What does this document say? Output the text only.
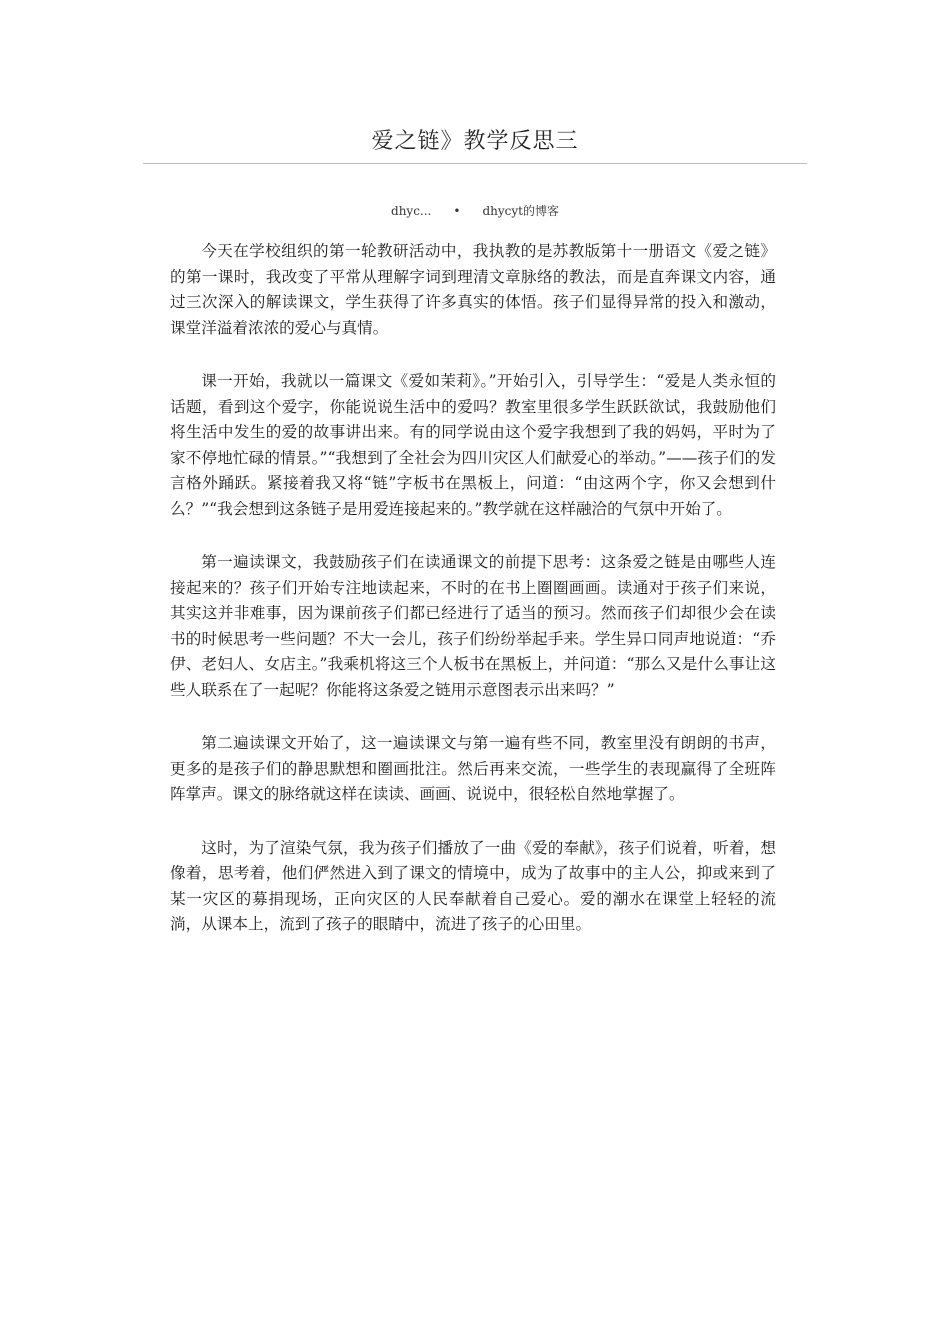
爱之链》教学反思三
dhyc... • dhycyt的博客

今天在学校组织的第一轮教研活动中，我执教的是苏教版第十一册语文《爱之链》的第一课时，我改变了平常从理解字词到理清文章脉络的教法，而是直奔课文内容，通过三次深入的解读课文，学生获得了许多真实的体悟。孩子们显得异常的投入和激动，课堂洋溢着浓浓的爱心与真情。

课一开始，我就以一篇课文《爱如茉莉》。”开始引入，引导学生：“爱是人类永恒的话题，看到这个爱字，你能说说生活中的爱吗？教室里很多学生跃跃欲试，我鼓励他们将生活中发生的爱的故事讲出来。有的同学说由这个爱字我想到了我的妈妈，平时为了家不停地忙碌的情景。”“我想到了全社会为四川灾区人们献爱心的举动。”——孩子们的发言格外踊跃。紧接着我又将“链”字板书在黑板上，问道：“由这两个字，你又会想到什么？”“我会想到这条链子是用爱连接起来的。”教学就在这样融洽的气氛中开始了。

第一遍读课文，我鼓励孩子们在读通课文的前提下思考：这条爱之链是由哪些人连接起来的？孩子们开始专注地读起来，不时的在书上圈圈画画。读通对于孩子们来说，其实这并非难事，因为课前孩子们都已经进行了适当的预习。然而孩子们却很少会在读书的时候思考一些问题？不大一会儿，孩子们纷纷举起手来。学生异口同声地说道：“乔伊、老妇人、女店主。”我乘机将这三个人板书在黑板上，并问道：“那么又是什么事让这些人联系在了一起呢？你能将这条爱之链用示意图表示出来吗？”

第二遍读课文开始了，这一遍读课文与第一遍有些不同，教室里没有朗朗的书声，更多的是孩子们的静思默想和圈画批注。然后再来交流，一些学生的表现赢得了全班阵阵掌声。课文的脉络就这样在读读、画画、说说中，很轻松自然地掌握了。

这时，为了渲染气氛，我为孩子们播放了一曲《爱的奉献》，孩子们说着，听着，想像着，思考着，他们俨然进入到了课文的情境中，成为了故事中的主人公，抑或来到了某一灾区的募捐现场，正向灾区的人民奉献着自己爱心。爱的潮水在课堂上轻轻的流淌，从课本上，流到了孩子的眼睛中，流进了孩子的心田里。
